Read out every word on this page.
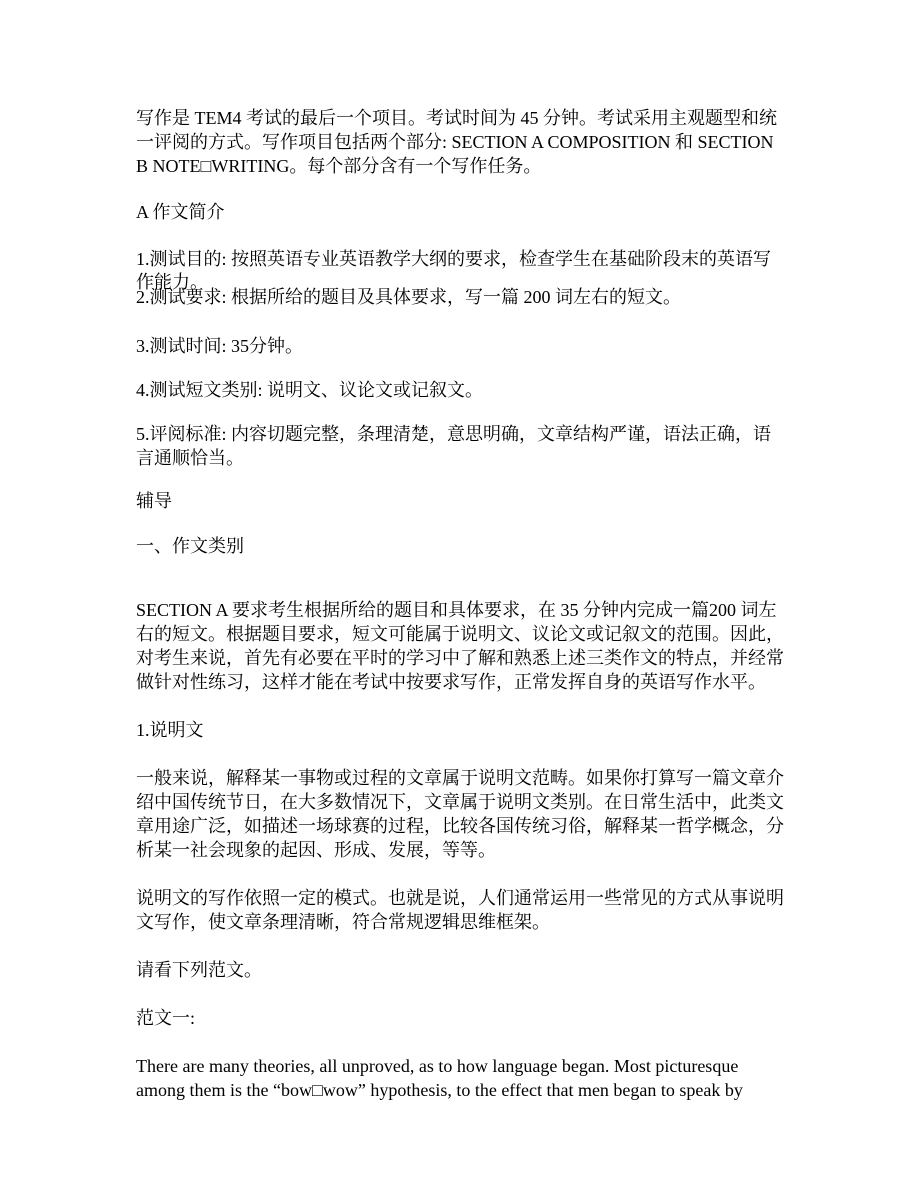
写作是 TEM4 考试的最后一个项目。考试时间为 45 分钟。考试采用主观题型和统
一评阅的方式。写作项目包括两个部分: SECTION A COMPOSITION 和 SECTION
B NOTE□WRITING。每个部分含有一个写作任务。
A 作文简介
1.测试目的: 按照英语专业英语教学大纲的要求，检查学生在基础阶段末的英语写
作能力。
2.测试要求: 根据所给的题目及具体要求，写一篇 200 词左右的短文。
3.测试时间: 35分钟。
4.测试短文类别: 说明文、议论文或记叙文。
5.评阅标准: 内容切题完整，条理清楚，意思明确，文章结构严谨，语法正确，语
言通顺恰当。
辅导
一、作文类别
SECTION A 要求考生根据所给的题目和具体要求，在 35 分钟内完成一篇200 词左
右的短文。根据题目要求，短文可能属于说明文、议论文或记叙文的范围。因此，
对考生来说，首先有必要在平时的学习中了解和熟悉上述三类作文的特点，并经常
做针对性练习，这样才能在考试中按要求写作，正常发挥自身的英语写作水平。
1.说明文
一般来说，解释某一事物或过程的文章属于说明文范畴。如果你打算写一篇文章介
绍中国传统节日，在大多数情况下，文章属于说明文类别。在日常生活中，此类文
章用途广泛，如描述一场球赛的过程，比较各国传统习俗，解释某一哲学概念，分
析某一社会现象的起因、形成、发展，等等。
说明文的写作依照一定的模式。也就是说，人们通常运用一些常见的方式从事说明
文写作，使文章条理清晰，符合常规逻辑思维框架。
请看下列范文。
范文一:
There are many theories, all unproved, as to how language began. Most picturesque
among them is the “bow□wow” hypothesis, to the effect that men began to speak by
